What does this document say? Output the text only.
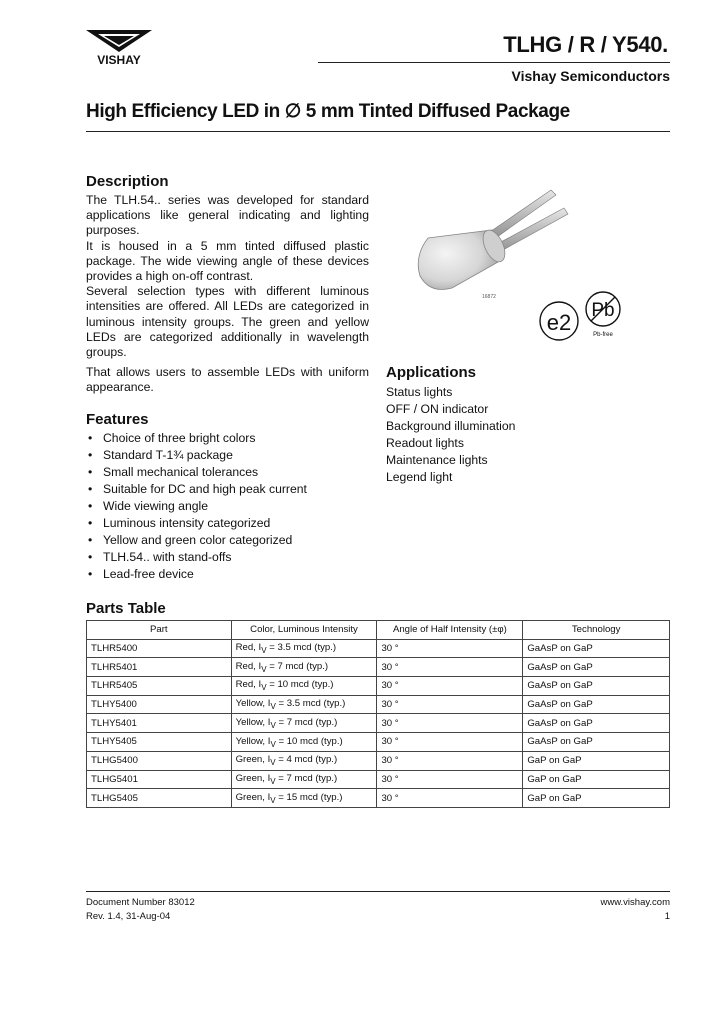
VISHAY
TLHG / R / Y540.
Vishay Semiconductors
High Efficiency LED in ∅ 5 mm Tinted Diffused Package
Description

The TLH.54.. series was developed for standard applications like general indicating and lighting purposes.

It is housed in a 5 mm tinted diffused plastic package. The wide viewing angle of these devices provides a high on-off contrast.

Several selection types with different luminous intensities are offered. All LEDs are categorized in luminous intensity groups. The green and yellow LEDs are categorized additionally in wavelength groups.

That allows users to assemble LEDs with uniform appearance.
16872
e2 Pb
Pb-free
Applications
Status lights
OFF / ON indicator
Background illumination
Readout lights
Maintenance lights
Legend light
Features
• Choice of three bright colors
• Standard T-1¾ package
• Small mechanical tolerances
• Suitable for DC and high peak current
• Wide viewing angle
• Luminous intensity categorized
• Yellow and green color categorized
• TLH.54.. with stand-offs
• Lead-free device
Parts Table
Part	Color, Luminous Intensity	Angle of Half Intensity (±φ)	Technology
TLHR5400	Red, $I_V = 3.5$ mcd (typ.)	30 °	GaAsP on GaP
TLHR5401	Red, $I_V = 7$ mcd (typ.)	30 °	GaAsP on GaP
TLHR5405	Red, $I_V = 10$ mcd (typ.)	30 °	GaAsP on GaP
TLHY5400	Yellow, $I_V = 3.5$ mcd (typ.)	30 °	GaAsP on GaP
TLHY5401	Yellow, $I_V = 7$ mcd (typ.)	30 °	GaAsP on GaP
TLHY5405	Yellow, $I_V = 10$ mcd (typ.)	30 °	GaAsP on GaP
TLHG5400	Green, $I_V = 4$ mcd (typ.)	30 °	GaP on GaP
TLHG5401	Green, $I_V = 7$ mcd (typ.)	30 °	GaP on GaP
TLHG5405	Green, $I_V = 15$ mcd (typ.)	30 °	GaP on GaP
Document Number 83012
Rev. 1.4, 31-Aug-04
www.vishay.com
1
